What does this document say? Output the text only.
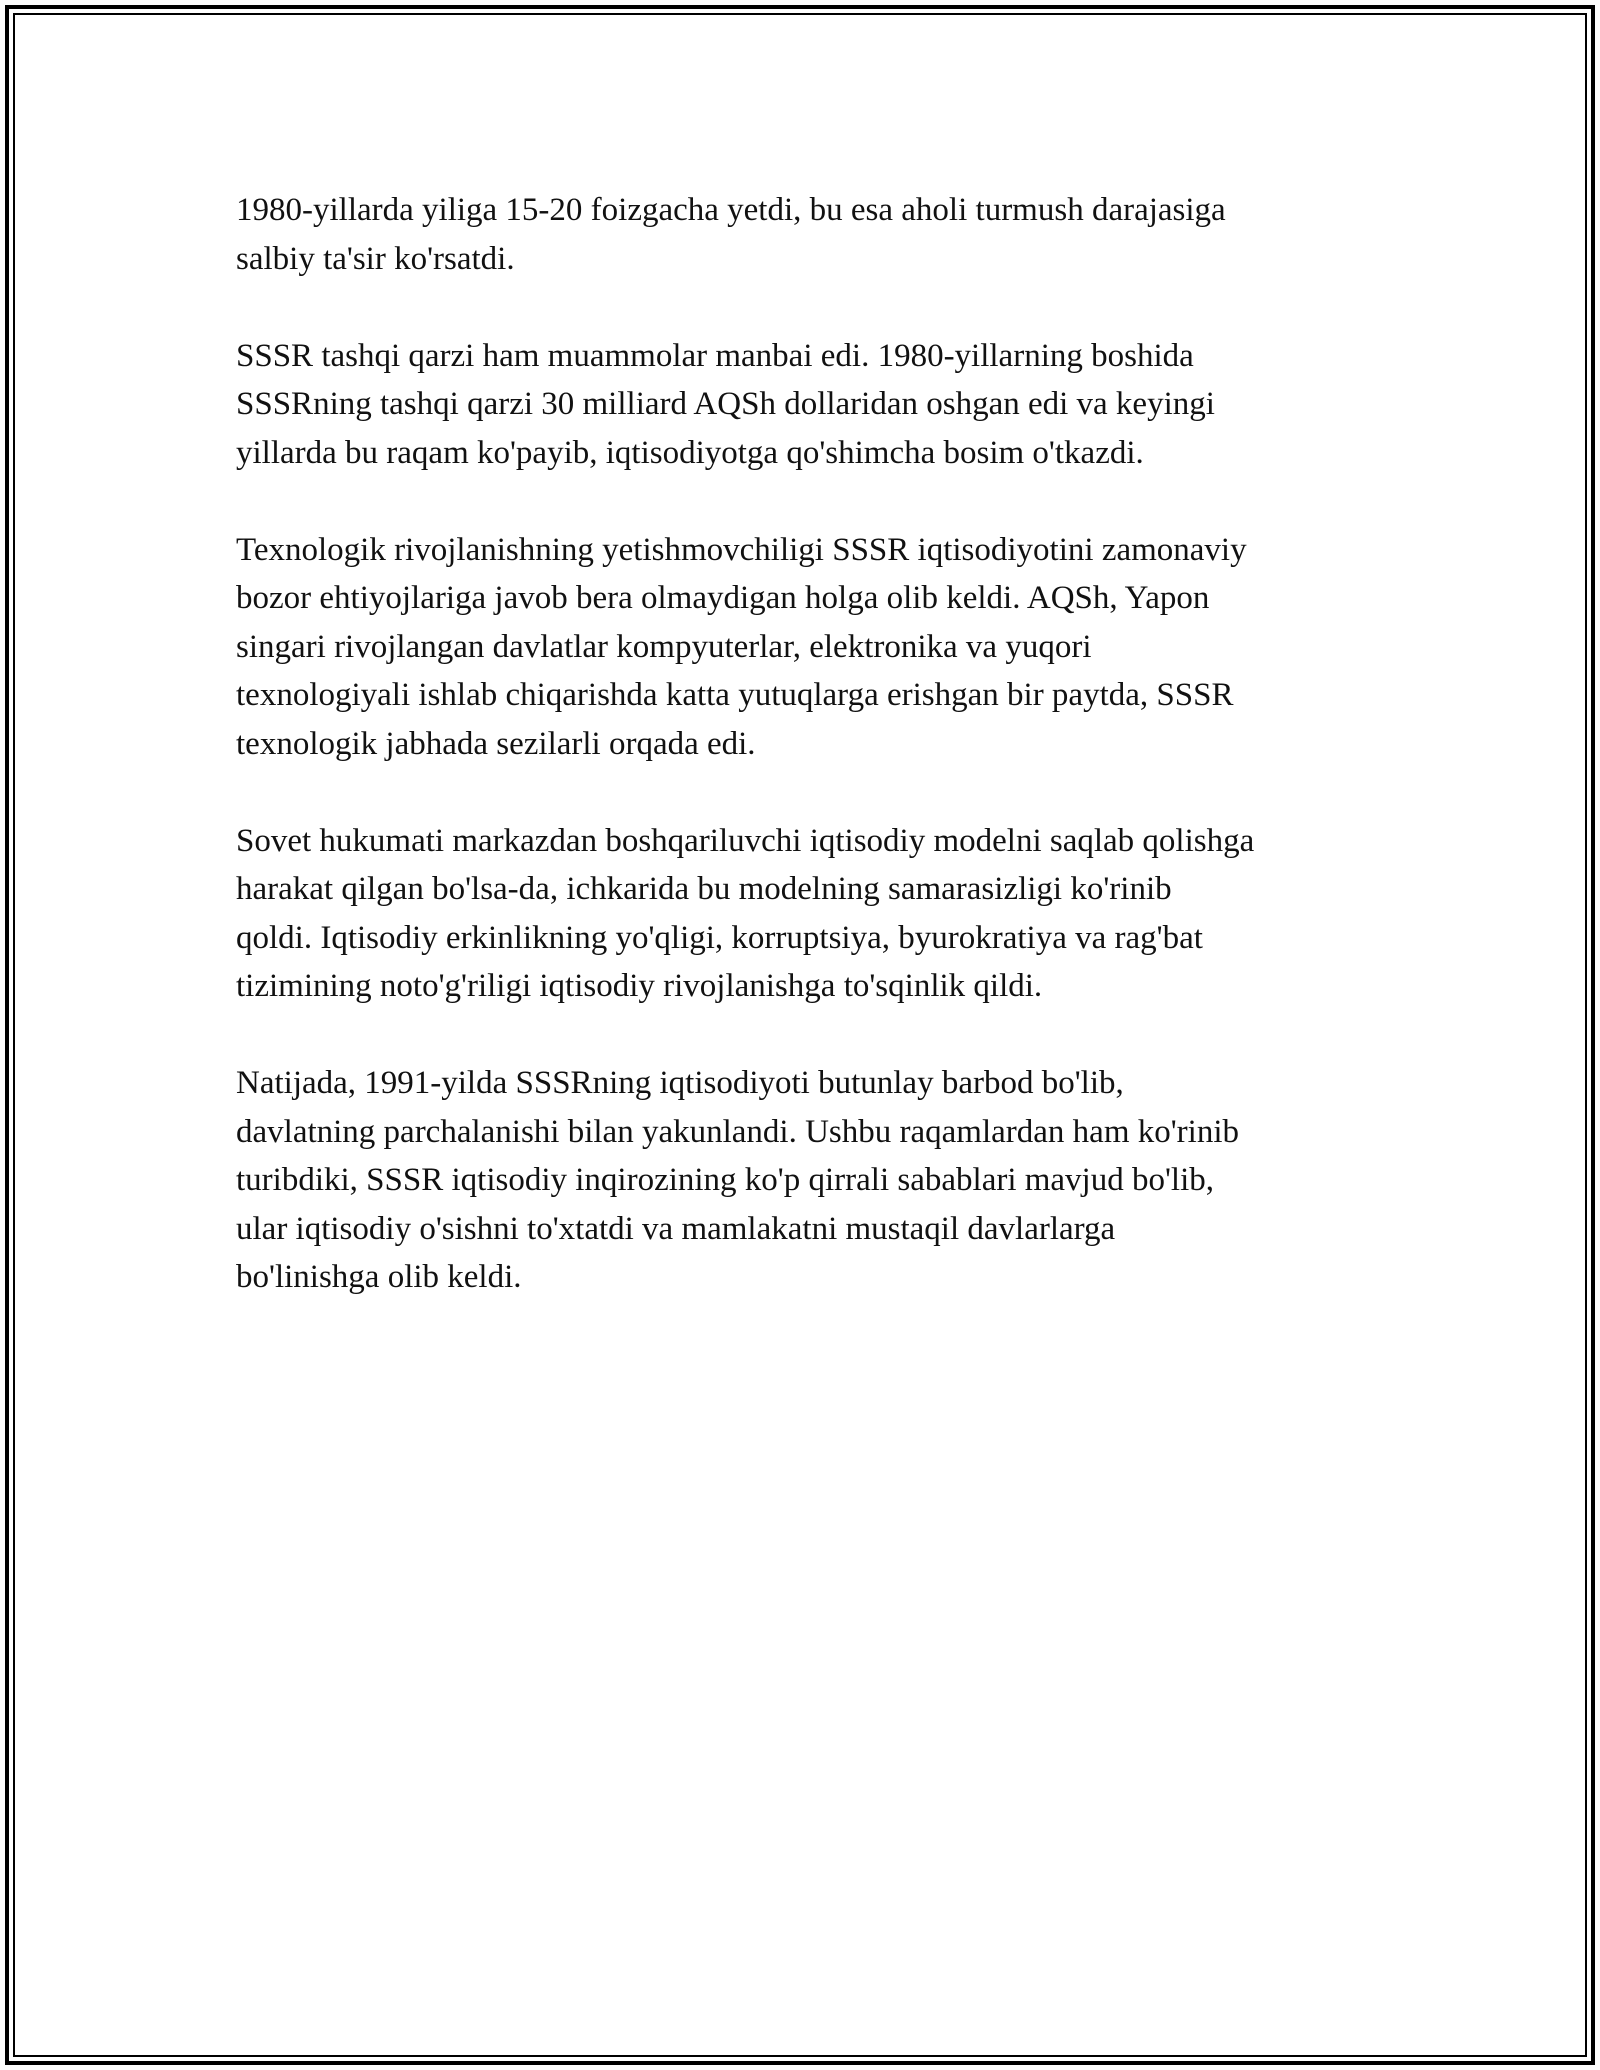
1980-yillarda yiliga 15-20 foizgacha yetdi, bu esa aholi turmush darajasiga
salbiy ta'sir ko'rsatdi.

SSSR tashqi qarzi ham muammolar manbai edi. 1980-yillarning boshida
SSSRning tashqi qarzi 30 milliard AQSh dollaridan oshgan edi va keyingi
yillarda bu raqam ko'payib, iqtisodiyotga qo'shimcha bosim o'tkazdi.

Texnologik rivojlanishning yetishmovchiligi SSSR iqtisodiyotini zamonaviy
bozor ehtiyojlariga javob bera olmaydigan holga olib keldi. AQSh, Yapon
singari rivojlangan davlatlar kompyuterlar, elektronika va yuqori
texnologiyali ishlab chiqarishda katta yutuqlarga erishgan bir paytda, SSSR
texnologik jabhada sezilarli orqada edi.

Sovet hukumati markazdan boshqariluvchi iqtisodiy modelni saqlab qolishga
harakat qilgan bo'lsa-da, ichkarida bu modelning samarasizligi ko'rinib
qoldi. Iqtisodiy erkinlikning yo'qligi, korruptsiya, byurokratiya va rag'bat
tizimining noto'g'riligi iqtisodiy rivojlanishga to'sqinlik qildi.

Natijada, 1991-yilda SSSRning iqtisodiyoti butunlay barbod bo'lib,
davlatning parchalanishi bilan yakunlandi. Ushbu raqamlardan ham ko'rinib
turibdiki, SSSR iqtisodiy inqirozining ko'p qirrali sabablari mavjud bo'lib,
ular iqtisodiy o'sishni to'xtatdi va mamlakatni mustaqil davlarlarga
bo'linishga olib keldi.
